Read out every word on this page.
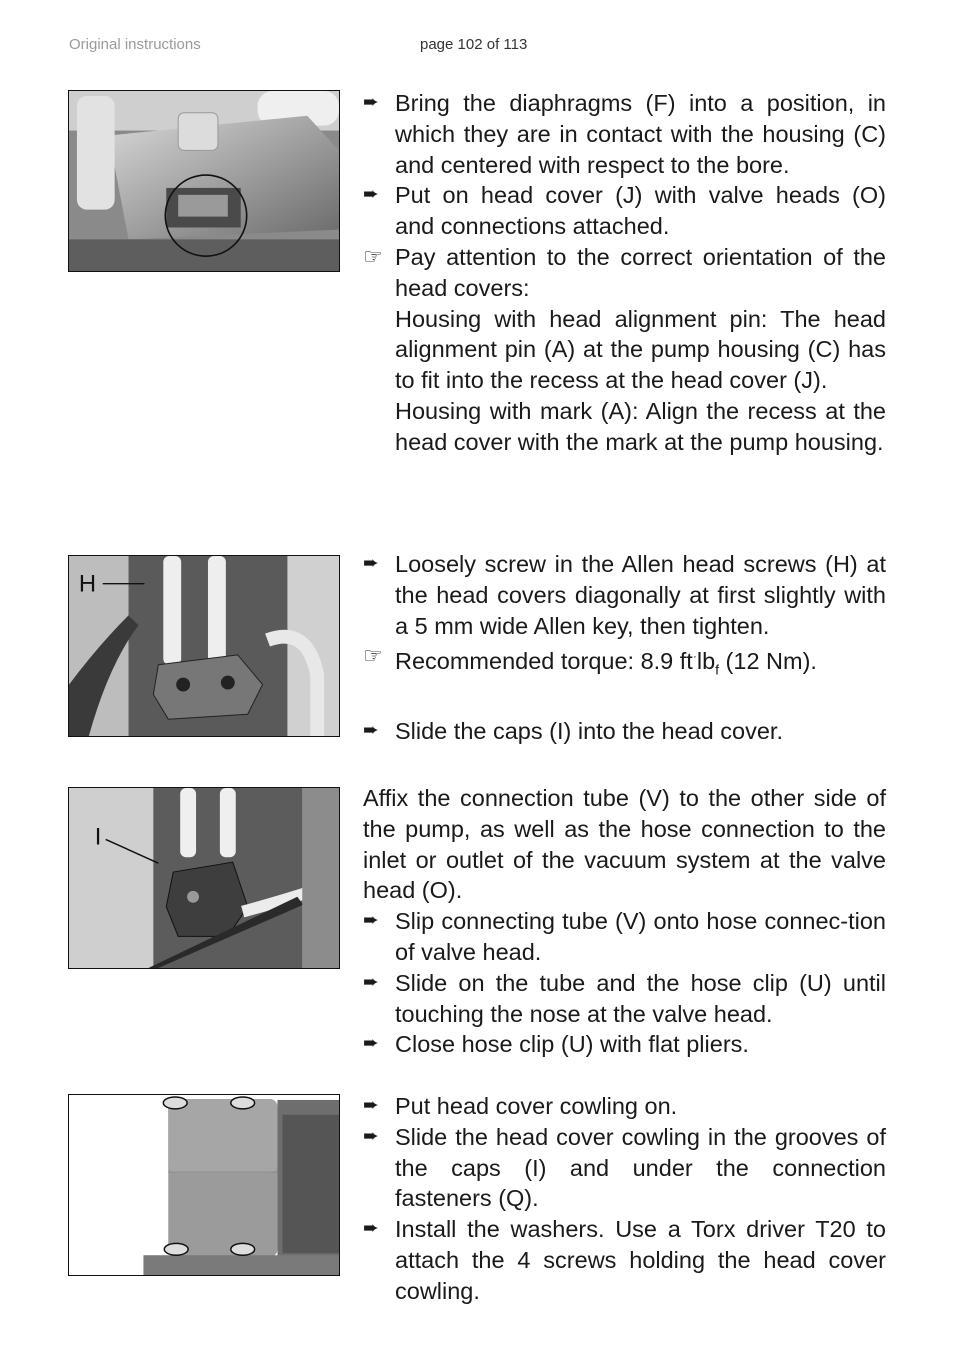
Original instructions	page 102 of 113
H
I
➨ Bring the diaphragms (F) into a position, in which they are in contact with the housing (C) and centered with respect to the bore.
➨ Put on head cover (J) with valve heads (O) and connections attached.
☞ Pay attention to the correct orientation of the head covers:
Housing with head alignment pin: The head alignment pin (A) at the pump housing (C) has to fit into the recess at the head cover (J).
Housing with mark (A): Align the recess at the head cover with the mark at the pump housing.
➨ Loosely screw in the Allen head screws (H) at the head covers diagonally at first slightly with a 5 mm wide Allen key, then tighten.
☞ Recommended torque: 8.9 $ft^\cdot lb_f$ (12 Nm).
➨ Slide the caps (I) into the head cover.
Affix the connection tube (V) to the other side of the pump, as well as the hose connection to the inlet or outlet of the vacuum system at the valve head (O).
➨ Slip connecting tube (V) onto hose connec-tion of valve head.
➨ Slide on the tube and the hose clip (U) until touching the nose at the valve head.
➨ Close hose clip (U) with flat pliers.
➨ Put head cover cowling on.
➨ Slide the head cover cowling in the grooves of the caps (I) and under the connection fasteners (Q).
➨ Install the washers. Use a Torx driver T20 to attach the 4 screws holding the head cover cowling.
